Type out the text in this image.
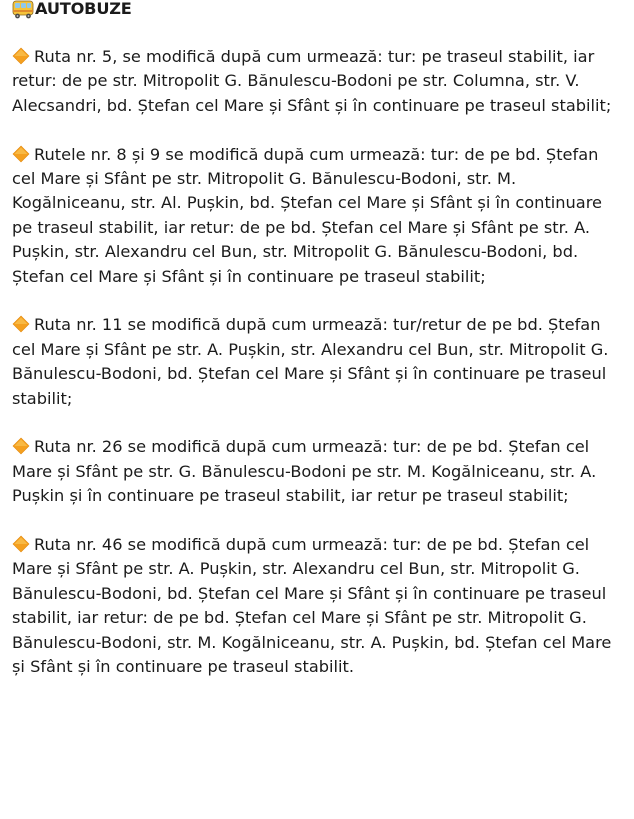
AUTOBUZE

Ruta nr. 5, se modifică după cum urmează: tur: pe traseul stabilit, iar retur: de pe str. Mitropolit G. Bănulescu-Bodoni pe str. Columna, str. V. Alecsandri, bd. Ștefan cel Mare și Sfânt și în continuare pe traseul stabilit;

Rutele nr. 8 și 9 se modifică după cum urmează: tur: de pe bd. Ștefan cel Mare și Sfânt pe str. Mitropolit G. Bănulescu-Bodoni, str. M. Kogălniceanu, str. Al. Pușkin, bd. Ștefan cel Mare și Sfânt și în continuare pe traseul stabilit, iar retur: de pe bd. Ștefan cel Mare și Sfânt pe str. A. Pușkin, str. Alexandru cel Bun, str. Mitropolit G. Bănulescu-Bodoni, bd. Ștefan cel Mare și Sfânt și în continuare pe traseul stabilit;

Ruta nr. 11 se modifică după cum urmează: tur/retur de pe bd. Ștefan cel Mare și Sfânt pe str. A. Pușkin, str. Alexandru cel Bun, str. Mitropolit G. Bănulescu-Bodoni, bd. Ștefan cel Mare și Sfânt și în continuare pe traseul stabilit;

Ruta nr. 26 se modifică după cum urmează: tur: de pe bd. Ștefan cel Mare și Sfânt pe str. G. Bănulescu-Bodoni pe str. M. Kogălniceanu, str. A. Pușkin și în continuare pe traseul stabilit, iar retur pe traseul stabilit;

Ruta nr. 46 se modifică după cum urmează: tur: de pe bd. Ștefan cel Mare și Sfânt pe str. A. Pușkin, str. Alexandru cel Bun, str. Mitropolit G. Bănulescu-Bodoni, bd. Ștefan cel Mare și Sfânt și în continuare pe traseul stabilit, iar retur: de pe bd. Ștefan cel Mare și Sfânt pe str. Mitropolit G. Bănulescu-Bodoni, str. M. Kogălniceanu, str. A. Pușkin, bd. Ștefan cel Mare și Sfânt și în continuare pe traseul stabilit.
